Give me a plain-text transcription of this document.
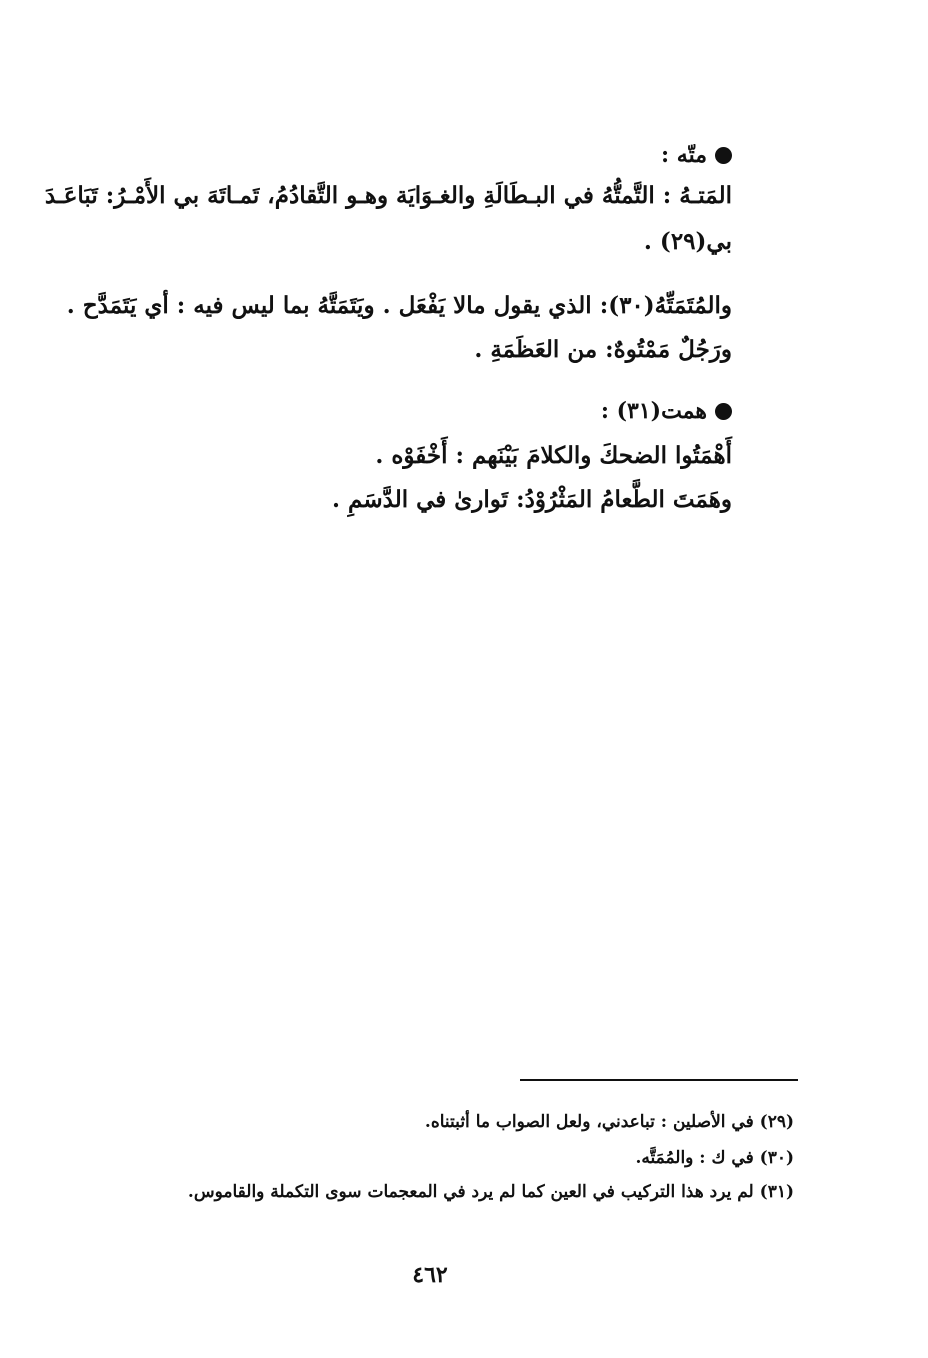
متّه :
المَتـهُ : التَّمتُّهُ في البـطَالَةِ والغـوَايَة وهـو التَّقادُمُ، تَمـاتَهَ بي الأَمْـرُ: تَبَاعَـدَ
بي(٢٩) .
والمُتَمَتِّهُ(٣٠): الذي يقول مالا يَفْعَل . ويَتَمَتَّهُ بما ليس فيه : أي يَتَمَدَّح .
ورَجُلٌ مَمْتُوهٌ: من العَظَمَةِ .
همت(٣١) :
أَهْمَتُوا الضحكَ والكلامَ بَيْنَهم : أَخْفَوْه .
وهَمَتَ الطَّعامُ المَثْرُوْدُ: تَوارىٰ في الدَّسَمِ .
(٢٩) في الأصلين : تباعدني، ولعل الصواب ما أثبتناه.
(٣٠) في ك : والمُمَتَّه.
(٣١) لم يرد هذا التركيب في العين كما لم يرد في المعجمات سوى التكملة والقاموس.
٤٦٢
